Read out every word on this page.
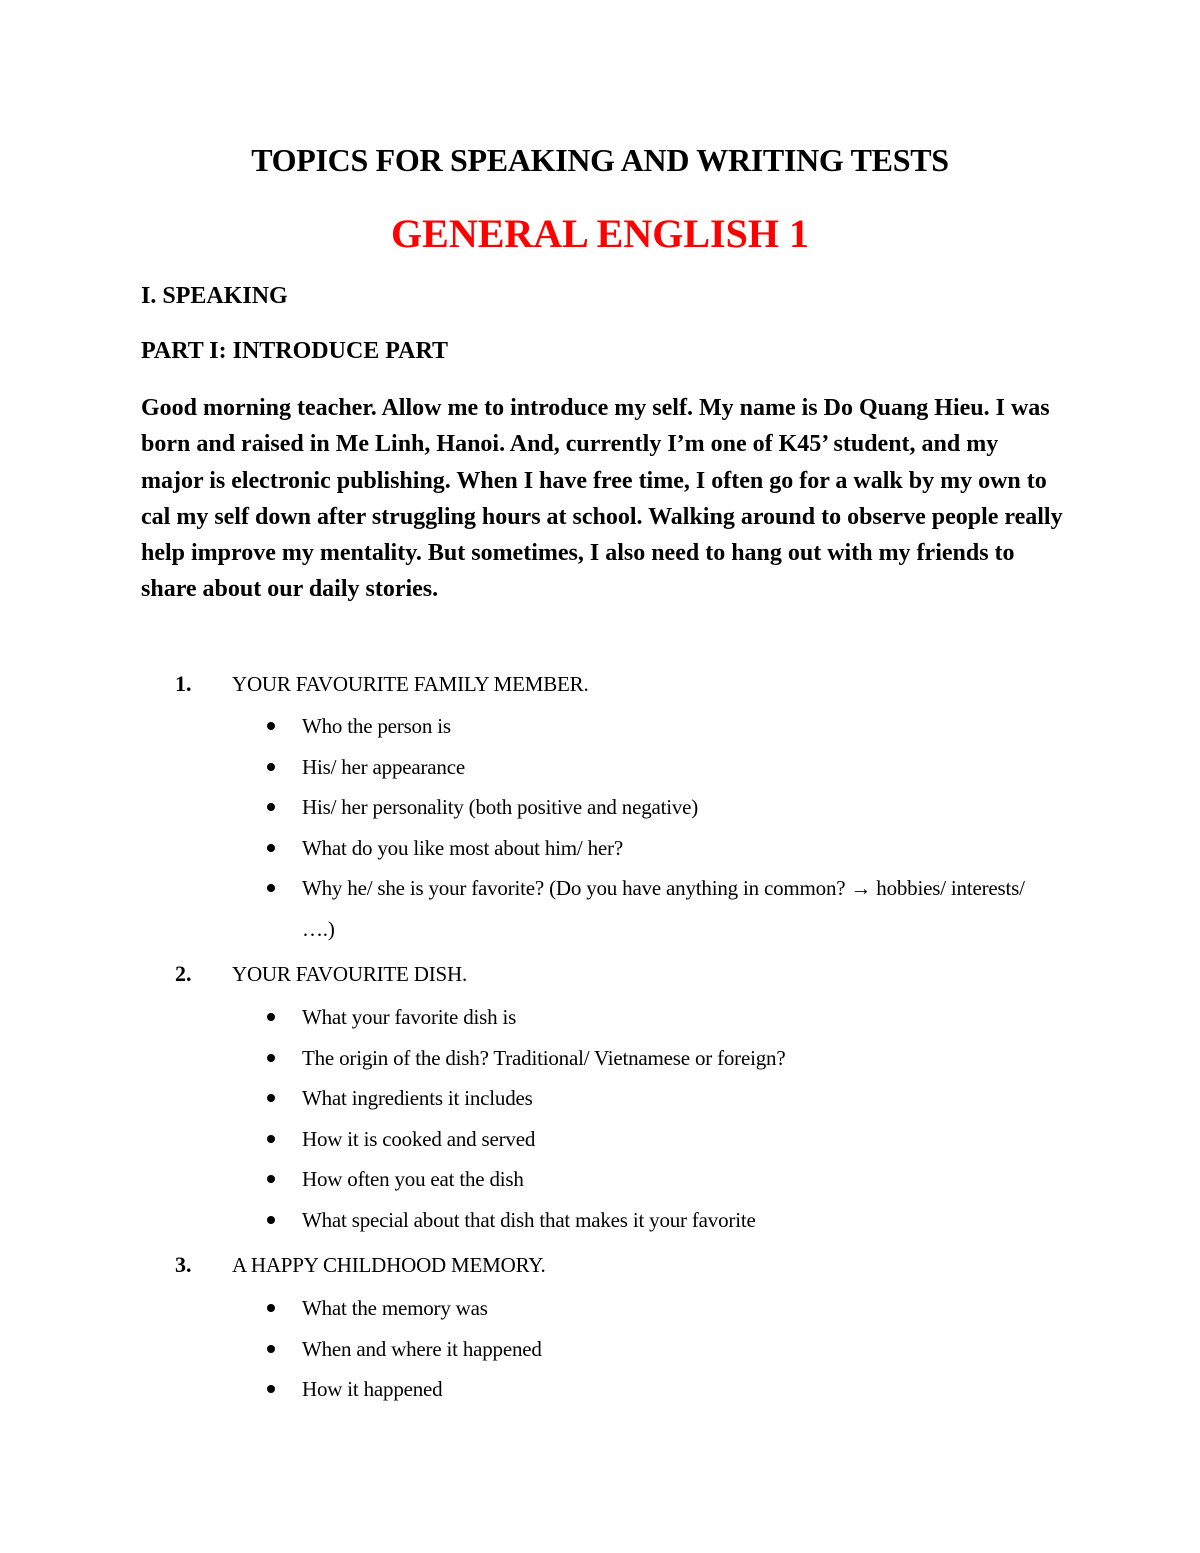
TOPICS FOR SPEAKING AND WRITING TESTS
GENERAL ENGLISH 1
I. SPEAKING
PART I: INTRODUCE PART

Good morning teacher. Allow me to introduce my self. My name is Do Quang Hieu. I was born and raised in Me Linh, Hanoi. And, currently I’m one of K45’ student, and my major is electronic publishing. When I have free time, I often go for a walk by my own to cal my self down after struggling hours at school. Walking around to observe people really help improve my mentality. But sometimes, I also need to hang out with my friends to share about our daily stories.

1. YOUR FAVOURITE FAMILY MEMBER.
Who the person is
His/ her appearance
His/ her personality (both positive and negative)
What do you like most about him/ her?
Why he/ she is your favorite? (Do you have anything in common? → hobbies/ interests/ ….)
2. YOUR FAVOURITE DISH.
What your favorite dish is
The origin of the dish? Traditional/ Vietnamese or foreign?
What ingredients it includes
How it is cooked and served
How often you eat the dish
What special about that dish that makes it your favorite
3. A HAPPY CHILDHOOD MEMORY.
What the memory was
When and where it happened
How it happened
